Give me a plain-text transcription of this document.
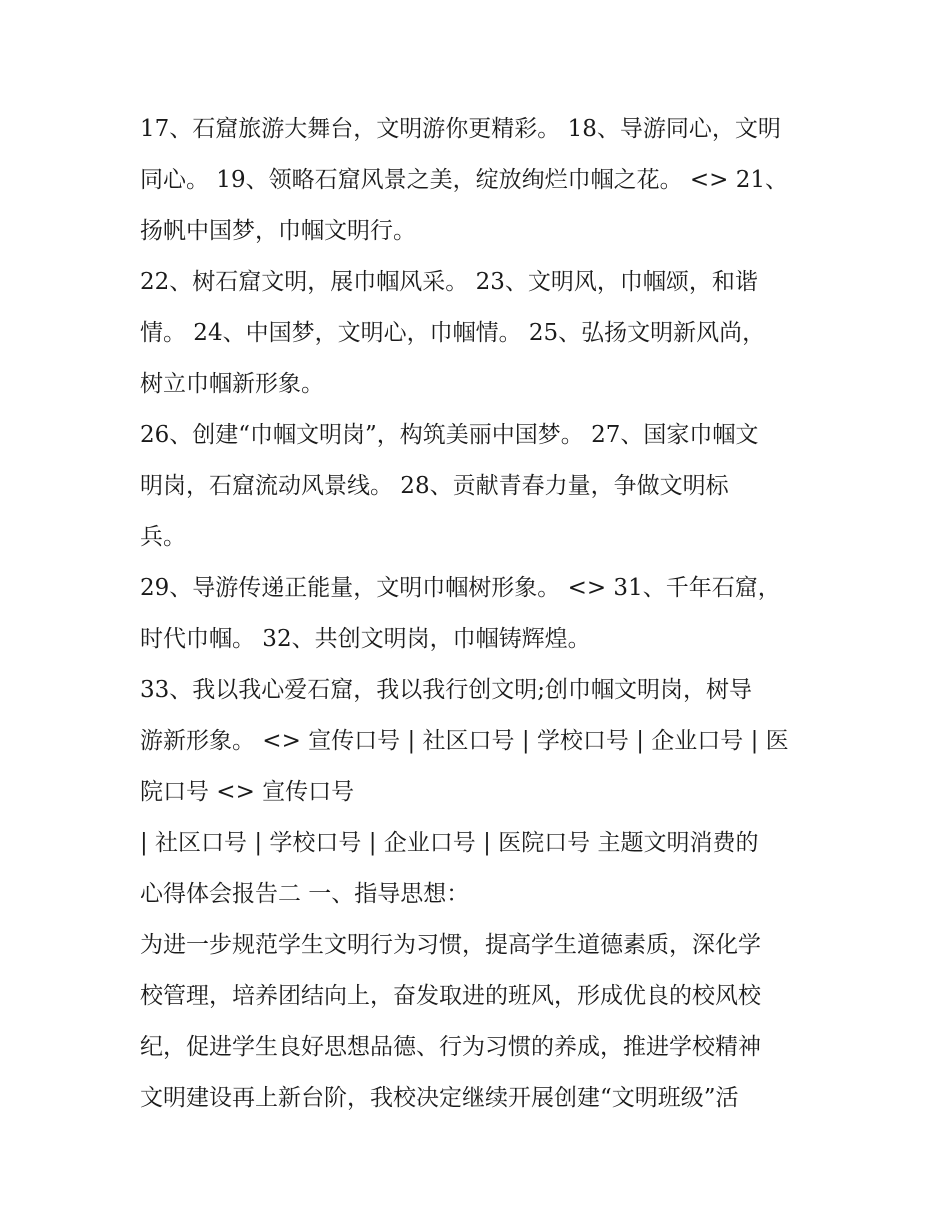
17、石窟旅游大舞台，文明游你更精彩。 18、导游同心，文明
同心。 19、领略石窟风景之美，绽放绚烂巾帼之花。 <> 21、
扬帆中国梦，巾帼文明行。
22、树石窟文明，展巾帼风采。 23、文明风，巾帼颂，和谐
情。 24、中国梦，文明心，巾帼情。 25、弘扬文明新风尚，
树立巾帼新形象。
26、创建“巾帼文明岗”，构筑美丽中国梦。 27、国家巾帼文
明岗，石窟流动风景线。 28、贡献青春力量，争做文明标
兵。
29、导游传递正能量，文明巾帼树形象。 <> 31、千年石窟，
时代巾帼。 32、共创文明岗，巾帼铸辉煌。
33、我以我心爱石窟，我以我行创文明;创巾帼文明岗，树导
游新形象。 <> 宣传口号 | 社区口号 | 学校口号 | 企业口号 | 医
院口号 <> 宣传口号
| 社区口号 | 学校口号 | 企业口号 | 医院口号 主题文明消费的
心得体会报告二 一、指导思想：
为进一步规范学生文明行为习惯，提高学生道德素质，深化学
校管理，培养团结向上，奋发取进的班风，形成优良的校风校
纪，促进学生良好思想品德、行为习惯的养成，推进学校精神
文明建设再上新台阶，我校决定继续开展创建“文明班级”活
